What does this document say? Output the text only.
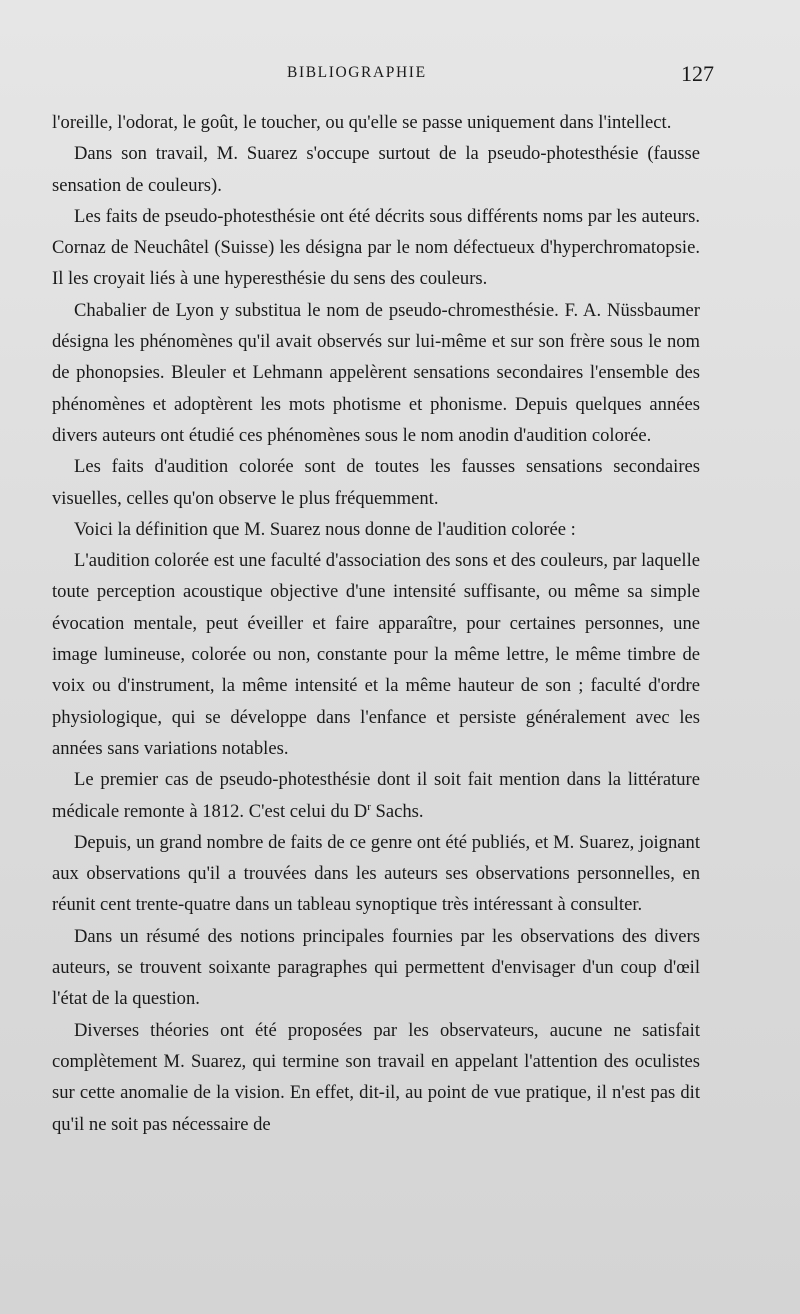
BIBLIOGRAPHIE	127

l'oreille, l'odorat, le goût, le toucher, ou qu'elle se passe uniquement dans l'intellect.

Dans son travail, M. Suarez s'occupe surtout de la pseudo-photesthésie (fausse sensation de couleurs).

Les faits de pseudo-photesthésie ont été décrits sous différents noms par les auteurs. Cornaz de Neuchâtel (Suisse) les désigna par le nom défectueux d'hyperchromatopsie. Il les croyait liés à une hyperesthésie du sens des couleurs.

Chabalier de Lyon y substitua le nom de pseudo-chromesthésie. F. A. Nüssbaumer désigna les phénomènes qu'il avait observés sur lui-même et sur son frère sous le nom de phonopsies. Bleuler et Lehmann appelèrent sensations secondaires l'ensemble des phénomènes et adoptèrent les mots photisme et phonisme. Depuis quelques années divers auteurs ont étudié ces phénomènes sous le nom anodin d'audition colorée.

Les faits d'audition colorée sont de toutes les fausses sensations secondaires visuelles, celles qu'on observe le plus fréquemment.

Voici la définition que M. Suarez nous donne de l'audition colorée :

L'audition colorée est une faculté d'association des sons et des couleurs, par laquelle toute perception acoustique objective d'une intensité suffisante, ou même sa simple évocation mentale, peut éveiller et faire apparaître, pour certaines personnes, une image lumineuse, colorée ou non, constante pour la même lettre, le même timbre de voix ou d'instrument, la même intensité et la même hauteur de son ; faculté d'ordre physiologique, qui se développe dans l'enfance et persiste généralement avec les années sans variations notables.

Le premier cas de pseudo-photesthésie dont il soit fait mention dans la littérature médicale remonte à 1812. C'est celui du $D^r$ Sachs.

Depuis, un grand nombre de faits de ce genre ont été publiés, et M. Suarez, joignant aux observations qu'il a trouvées dans les auteurs ses observations personnelles, en réunit cent trente-quatre dans un tableau synoptique très intéressant à consulter.

Dans un résumé des notions principales fournies par les observations des divers auteurs, se trouvent soixante paragraphes qui permettent d'envisager d'un coup d'œil l'état de la question.

Diverses théories ont été proposées par les observateurs, aucune ne satisfait complètement M. Suarez, qui termine son travail en appelant l'attention des oculistes sur cette anomalie de la vision. En effet, dit-il, au point de vue pratique, il n'est pas dit qu'il ne soit pas nécessaire de
